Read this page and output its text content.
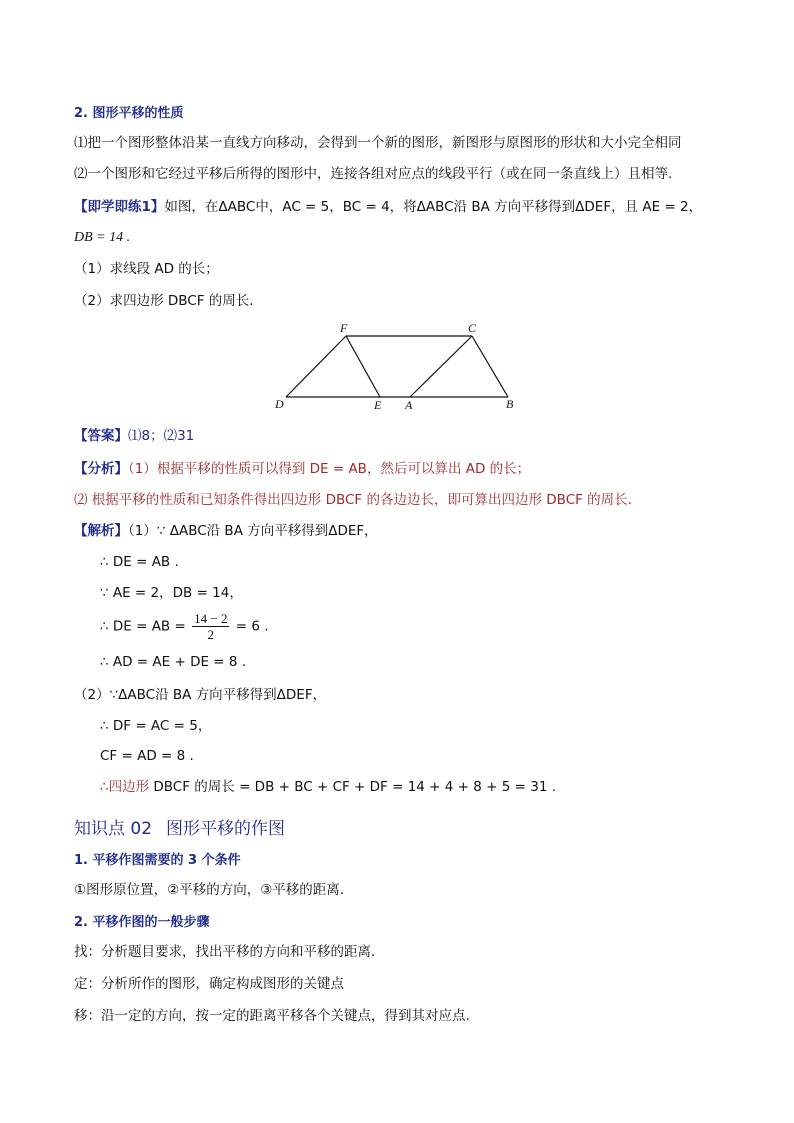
2. 图形平移的性质
⑴把一个图形整体沿某一直线方向移动，会得到一个新的图形，新图形与原图形的形状和大小完全相同
⑵一个图形和它经过平移后所得的图形中，连接各组对应点的线段平行（或在同一条直线上）且相等.
【即学即练1】如图，在ΔABC中，AC = 5，BC = 4，将ΔABC沿 BA 方向平移得到ΔDEF，且 AE = 2，
DB = 14 .
（1）求线段 AD 的长；
（2）求四边形 DBCF 的周长.
F	C
D	E A	B
【答案】⑴8；⑵31
【分析】（1）根据平移的性质可以得到 DE = AB，然后可以算出 AD 的长；
⑵ 根据平移的性质和已知条件得出四边形 DBCF 的各边边长，即可算出四边形 DBCF 的周长.
【解析】（1）∵ ΔABC沿 BA 方向平移得到ΔDEF，
∴ DE = AB .
∵ AE = 2，DB = 14，
∴ DE = AB = $\frac{14 - 2}{2} = 6$ .
∴ AD = AE + DE = 8 .
（2）∵ΔABC沿 BA 方向平移得到ΔDEF，
∴ DF = AC = 5，
CF = AD = 8 .
∴四边形 DBCF 的周长 = DB + BC + CF + DF = 14 + 4 + 8 + 5 = 31 .
知识点 02 图形平移的作图
1. 平移作图需要的 3 个条件
①图形原位置，②平移的方向，③平移的距离.
2. 平移作图的一般步骤
找：分析题目要求，找出平移的方向和平移的距离.
定：分析所作的图形，确定构成图形的关键点
移：沿一定的方向，按一定的距离平移各个关键点，得到其对应点.
